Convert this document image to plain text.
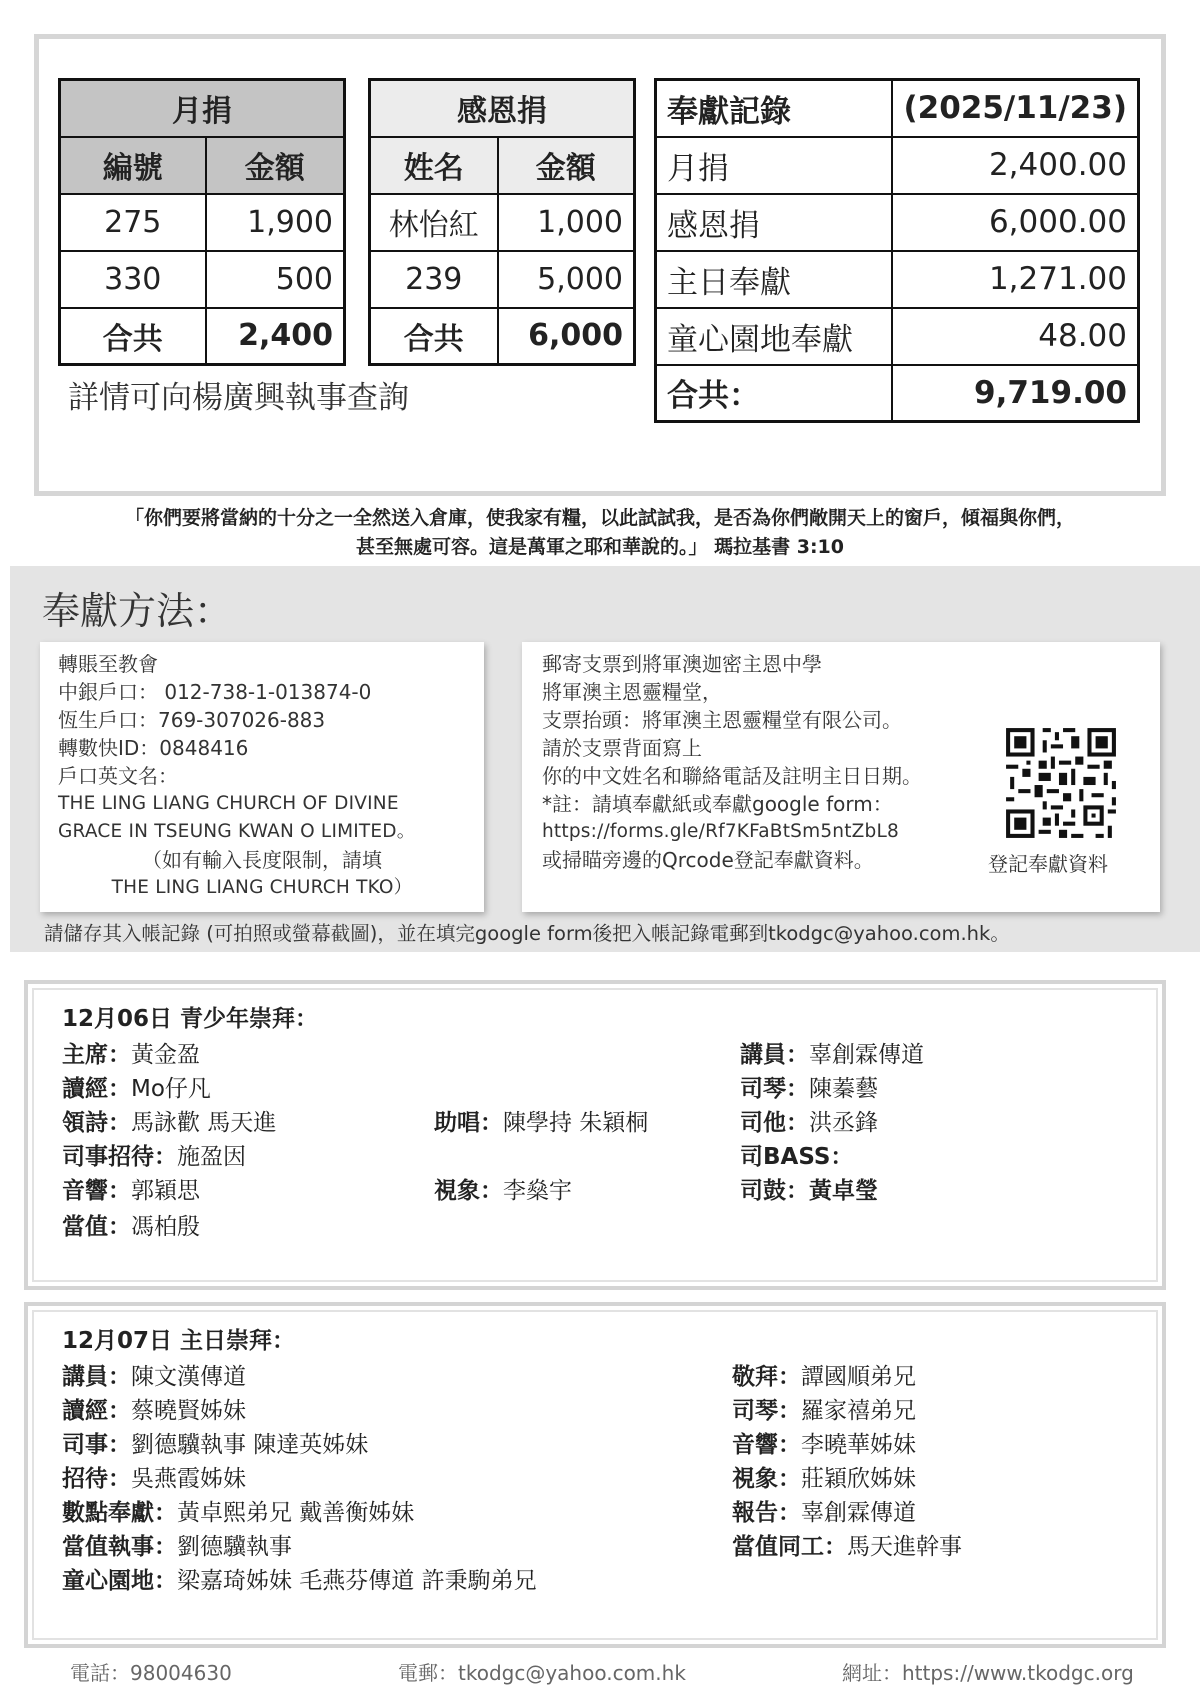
月捐	
編號	金額
275	1,900
330	500
合共	2,400
感恩捐	
姓名	金額
林怡紅	1,000
239	5,000
合共	6,000
奉獻記錄	(2025/11/23)
月捐	2,400.00
感恩捐	6,000.00
主日奉獻	1,271.00
童心園地奉獻	48.00
合共：	9,719.00
詳情可向楊廣興執事查詢
「你們要將當納的十分之一全然送入倉庫，使我家有糧，以此試試我，是否為你們敞開天上的窗戶，傾福與你們，
甚至無處可容。這是萬軍之耶和華說的。」 瑪拉基書 3:10
奉獻方法：
轉賬至教會
中銀戶口： 012-738-1-013874-0
恆生戶口：769-307026-883
轉數快ID：0848416
戶口英文名：
THE LING LIANG CHURCH OF DIVINE
GRACE IN TSEUNG KWAN O LIMITED。
（如有輸入長度限制，請填
THE LING LIANG CHURCH TKO）
郵寄支票到將軍澳迦密主恩中學
將軍澳主恩靈糧堂，
支票抬頭：將軍澳主恩靈糧堂有限公司。
請於支票背面寫上
你的中文姓名和聯絡電話及註明主日日期。
*註：請填奉獻紙或奉獻google form：
https://forms.gle/Rf7KFaBtSm5ntZbL8
或掃瞄旁邊的Qrcode登記奉獻資料。	登記奉獻資料
請儲存其入帳記錄 (可拍照或螢幕截圖)，並在填完google form後把入帳記錄電郵到tkodgc@yahoo.com.hk。
12月06日 青少年崇拜：
主席：黃金盈	講員：辜創霖傳道
讀經：Mo仔凡	司琴：陳蓁藝
領詩：馬詠歡 馬天進	助唱：陳學持 朱穎桐	司他：洪丞鋒
司事招待：施盈因	司BASS：
音響：郭穎思	視象：李燊宇	司鼓：黃卓瑩
當值：馮柏殷
12月07日 主日崇拜：
講員：陳文漢傳道	敬拜：譚國順弟兄
讀經：蔡曉賢姊妹	司琴：羅家禧弟兄
司事：劉德驥執事 陳達英姊妹	音響：李曉華姊妹
招待：吳燕霞姊妹	視象：莊穎欣姊妹
數點奉獻：黃卓熙弟兄 戴善衡姊妹	報告：辜創霖傳道
當值執事：劉德驥執事	當值同工：馬天進幹事
童心園地：梁嘉琦姊妹 毛燕芬傳道 許秉駒弟兄
電話：98004630	電郵：tkodgc@yahoo.com.hk	網址：https://www.tkodgc.org
